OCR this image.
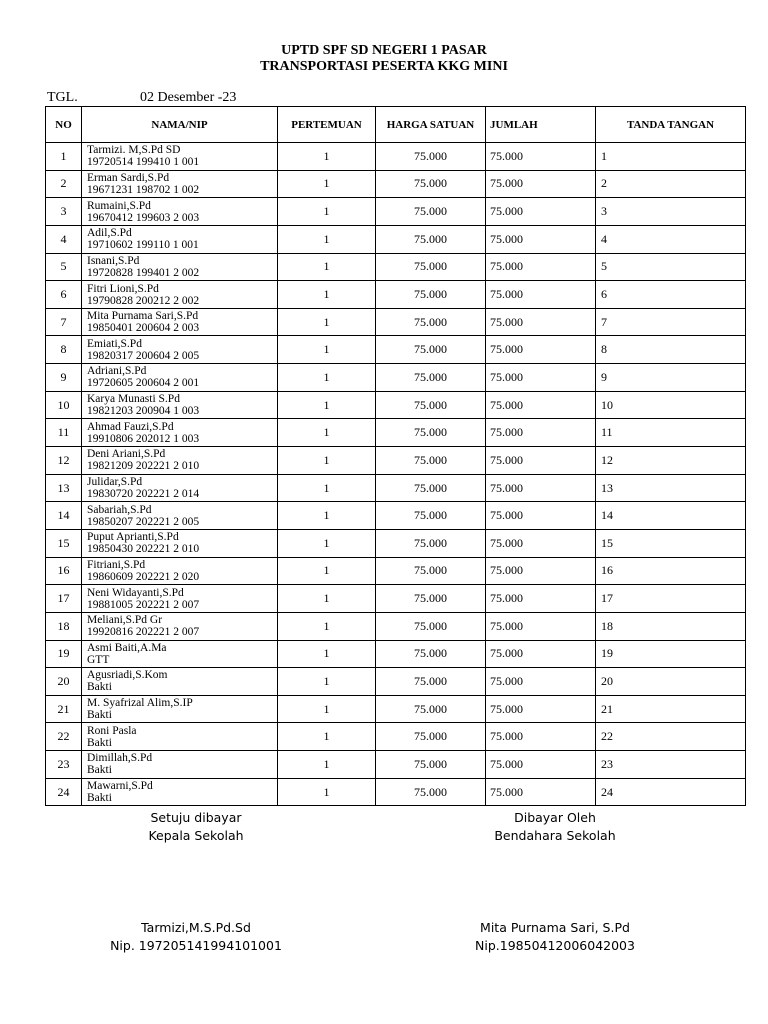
UPTD SPF SD NEGERI 1 PASAR
TRANSPORTASI PESERTA KKG MINI
TGL.	02 Desember -23
NO	NAMA/NIP	PERTEMUAN	HARGA SATUAN	JUMLAH	TANDA TANGAN
1	Tarmizi. M,S.Pd SD
19720514 199410 1 001	1	75.000	75.000	1
2	Erman Sardi,S.Pd
19671231 198702 1 002	1	75.000	75.000	2
3	Rumaini,S.Pd
19670412 199603 2 003	1	75.000	75.000	3
4	Adil,S.Pd
19710602 199110 1 001	1	75.000	75.000	4
5	Isnani,S.Pd
19720828 199401 2 002	1	75.000	75.000	5
6	Fitri Lioni,S.Pd
19790828 200212 2 002	1	75.000	75.000	6
7	Mita Purnama Sari,S.Pd
19850401 200604 2 003	1	75.000	75.000	7
8	Emiati,S.Pd
19820317 200604 2 005	1	75.000	75.000	8
9	Adriani,S.Pd
19720605 200604 2 001	1	75.000	75.000	9
10	Karya Munasti S.Pd
19821203 200904 1 003	1	75.000	75.000	10
11	Ahmad Fauzi,S.Pd
19910806 202012 1 003	1	75.000	75.000	11
12	Deni Ariani,S.Pd
19821209 202221 2 010	1	75.000	75.000	12
13	Julidar,S.Pd
19830720 202221 2 014	1	75.000	75.000	13
14	Sabariah,S.Pd
19850207 202221 2 005	1	75.000	75.000	14
15	Puput Aprianti,S.Pd
19850430 202221 2 010	1	75.000	75.000	15
16	Fitriani,S.Pd
19860609 202221 2 020	1	75.000	75.000	16
17	Neni Widayanti,S.Pd
19881005 202221 2 007	1	75.000	75.000	17
18	Meliani,S.Pd Gr
19920816 202221 2 007	1	75.000	75.000	18
19	Asmi Baiti,A.Ma
GTT	1	75.000	75.000	19
20	Agusriadi,S.Kom
Bakti	1	75.000	75.000	20
21	M. Syafrizal Alim,S.IP
Bakti	1	75.000	75.000	21
22	Roni Pasla
Bakti	1	75.000	75.000	22
23	Dimillah,S.Pd
Bakti	1	75.000	75.000	23
24	Mawarni,S.Pd
Bakti	1	75.000	75.000	24
Setuju dibayar
Kepala Sekolah
Dibayar Oleh
Bendahara Sekolah
Tarmizi,M.S.Pd.Sd
Nip. 197205141994101001
Mita Purnama Sari, S.Pd
Nip.19850412006042003
